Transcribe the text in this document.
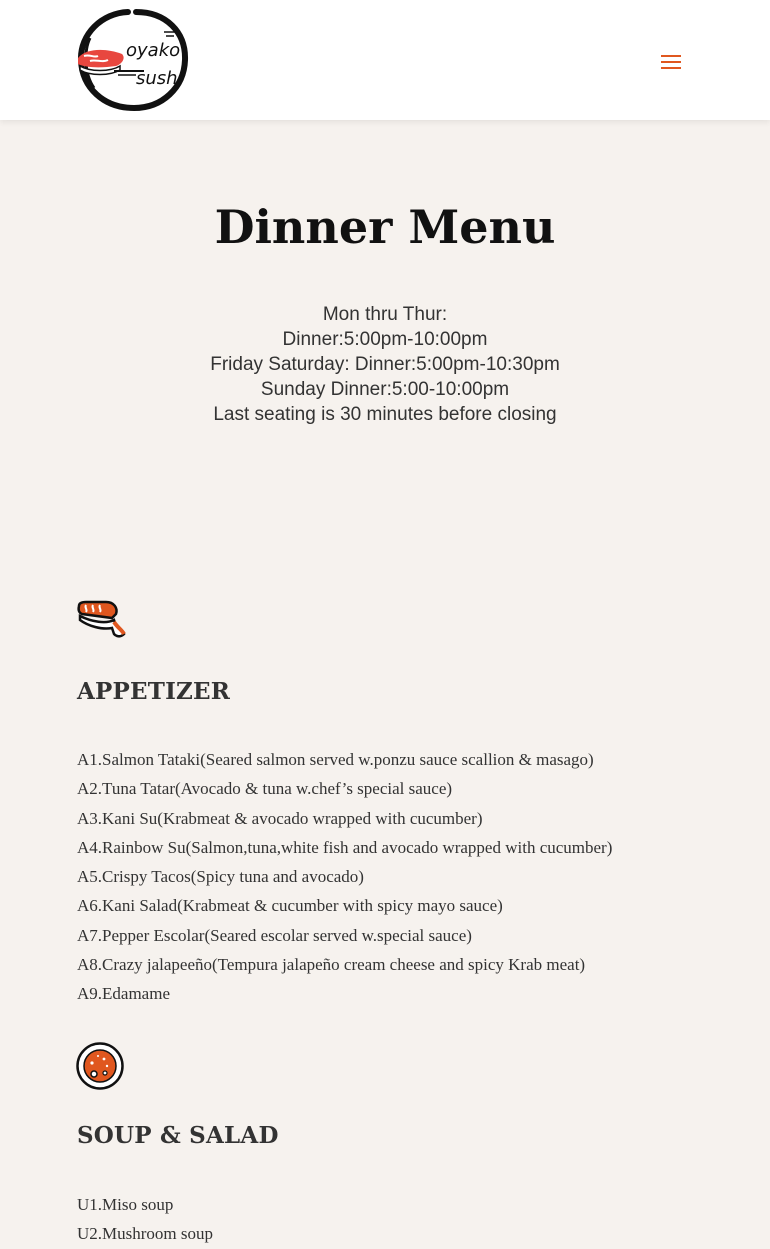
oyako
sushi
Dinner Menu
Mon thru Thur:
Dinner:5:00pm-10:00pm
Friday Saturday: Dinner:5:00pm-10:30pm
Sunday Dinner:5:00-10:00pm
Last seating is 30 minutes before closing
APPETIZER
A1.Salmon Tataki(Seared salmon served w.ponzu sauce scallion & masago)
A2.Tuna Tatar(Avocado & tuna w.chef’s special sauce)
A3.Kani Su(Krabmeat & avocado wrapped with cucumber)
A4.Rainbow Su(Salmon,tuna,white fish and avocado wrapped with cucumber)
A5.Crispy Tacos(Spicy tuna and avocado)
A6.Kani Salad(Krabmeat & cucumber with spicy mayo sauce)
A7.Pepper Escolar(Seared escolar served w.special sauce)
A8.Crazy jalapeeño(Tempura jalapeño cream cheese and spicy Krab meat)
A9.Edamame
SOUP & SALAD
U1.Miso soup
U2.Mushroom soup
